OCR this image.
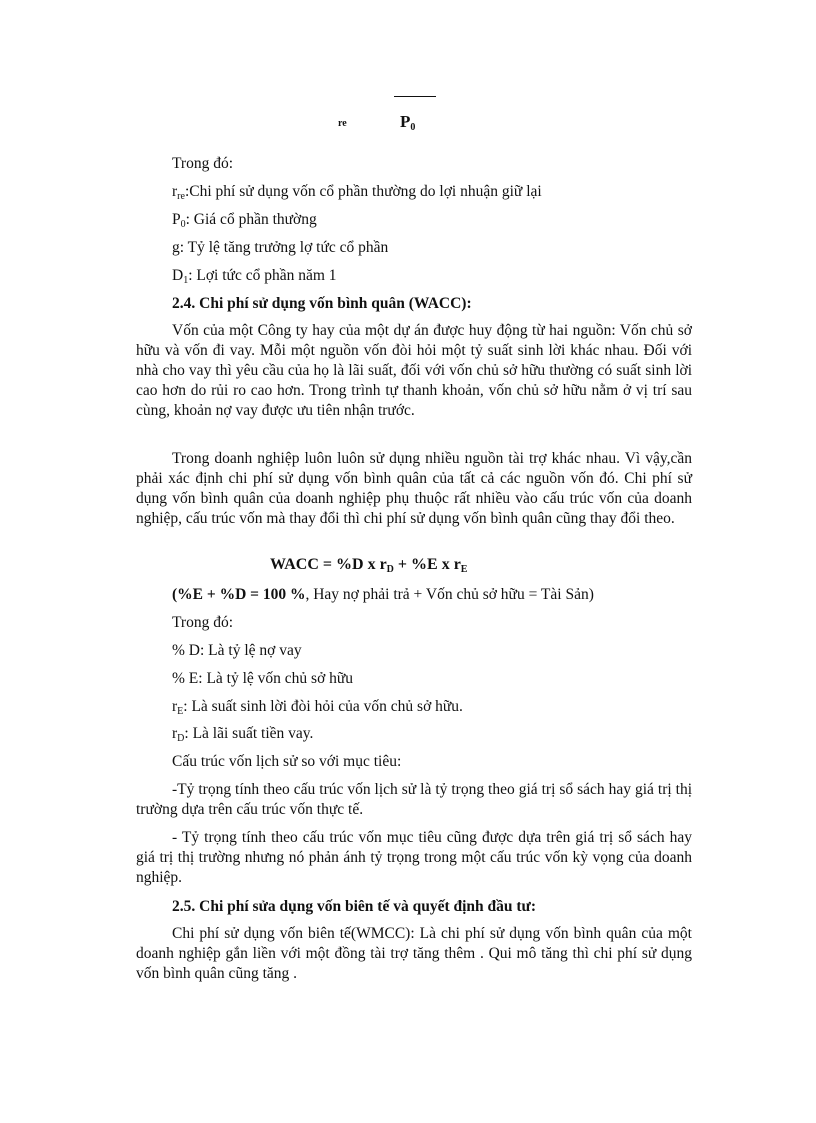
re	$P_0$
Trong đó:
$r_{re}:Chi$ phí sử dụng vốn cổ phần thường do lợi nhuận giữ lại
$P_0$: Giá cổ phần thường
g: Tỷ lệ tăng trưởng lợ tức cổ phần
$D_1$: Lợi tức cổ phần năm 1
2.4. Chi phí sử dụng vốn bình quân (WACC):
Vốn của một Công ty hay của một dự án được huy động từ hai nguồn: Vốn chủ sở hữu và vốn đi vay. Mỗi một nguồn vốn đòi hỏi một tỷ suất sinh lời khác nhau. Đối với nhà cho vay thì yêu cầu của họ là lãi suất, đối với vốn chủ sở hữu thường có suất sinh lời cao hơn do rủi ro cao hơn. Trong trình tự thanh khoản, vốn chủ sở hữu nằm ở vị trí sau cùng, khoản nợ vay được ưu tiên nhận trước.
Trong doanh nghiệp luôn luôn sử dụng nhiều nguồn tài trợ khác nhau. Vì vậy,cần phải xác định chi phí sử dụng vốn bình quân của tất cả các nguồn vốn đó. Chi phí sử dụng vốn bình quân của doanh nghiệp phụ thuộc rất nhiều vào cấu trúc vốn của doanh nghiệp, cấu trúc vốn mà thay đổi thì chi phí sử dụng vốn bình quân cũng thay đổi theo.
WACC = %D x $r_D + \%E$ x $r_E$
(%E + %D = 100 %, Hay nợ phải trả + Vốn chủ sở hữu = Tài Sản)
Trong đó:
% D: Là tỷ lệ nợ vay
% E: Là tỷ lệ vốn chủ sở hữu
$r_E$: Là suất sinh lời đòi hỏi của vốn chủ sở hữu.
$r_D$: Là lãi suất tiền vay.
Cấu trúc vốn lịch sử so với mục tiêu:
-Tỷ trọng tính theo cấu trúc vốn lịch sử là tỷ trọng theo giá trị sổ sách hay giá trị thị trường dựa trên cấu trúc vốn thực tế.
- Tỷ trọng tính theo cấu trúc vốn mục tiêu cũng được dựa trên giá trị sổ sách hay giá trị thị trường nhưng nó phản ánh tỷ trọng trong một cấu trúc vốn kỳ vọng của doanh nghiệp.
2.5. Chi phí sửa dụng vốn biên tế và quyết định đầu tư:
Chi phí sử dụng vốn biên tế(WMCC): Là chi phí sử dụng vốn bình quân của một doanh nghiệp gắn liền với một đồng tài trợ tăng thêm . Qui mô tăng thì chi phí sử dụng vốn bình quân cũng tăng .
